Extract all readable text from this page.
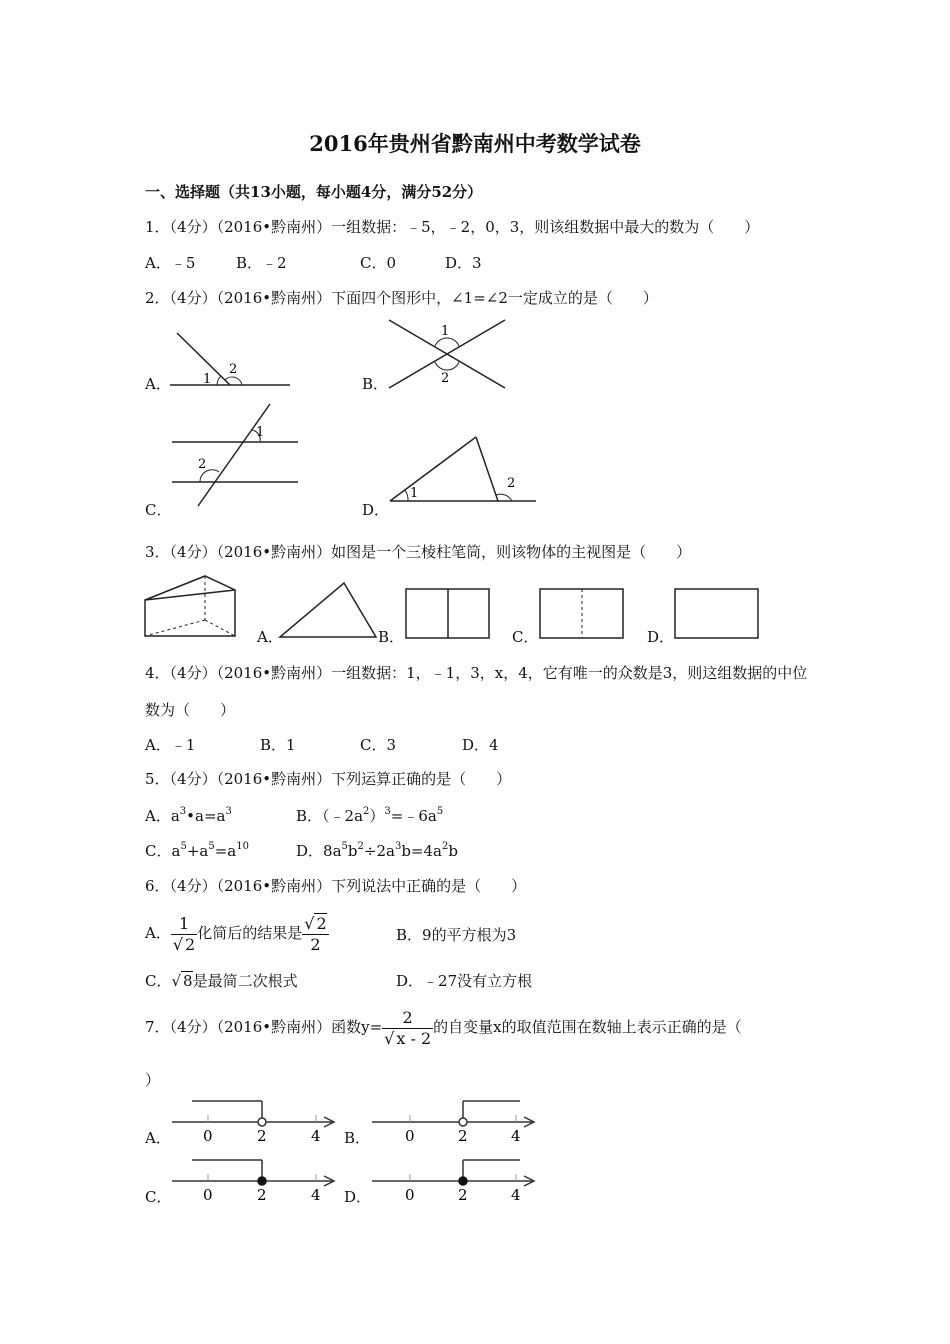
2016年贵州省黔南州中考数学试卷
一、选择题（共13小题，每小题4分，满分52分）
1．（4分）（2016•黔南州）一组数据：﹣5，﹣2，0，3，则该组数据中最大的数为（　　）
A．﹣5	B．﹣2	C．0	D．3
2．（4分）（2016•黔南州）下面四个图形中，∠1=∠2一定成立的是（　　）
A．	B．
C．	D．
1
2
1
2
1
2
1
2
3．（4分）（2016•黔南州）如图是一个三棱柱笔筒，则该物体的主视图是（　　）
A．	B．	C．	D．
4．（4分）（2016•黔南州）一组数据：1，﹣1，3，x，4，它有唯一的众数是3，则这组数据的中位
数为（　　）
A．﹣1	B．1	C．3	D．4
5．（4分）（2016•黔南州）下列运算正确的是（　　）
A．$a^3•a=a^3$	B．$(﹣2a^2)^3=﹣6a^5$
C．$a^5+a^5=a^{10}$	D．$8a^5b^2\div 2a^3b=4a^2b$
6．（4分）（2016•黔南州）下列说法中正确的是（　　）
A． $\frac{1}{√ 2}$ 化简后的结果是 $\frac{√ 2}{2}$	B．9的平方根为3
C．√ 8是最简二次根式	D．﹣27没有立方根
7．（4分）（2016•黔南州）函数$y= \frac{2}{√ x - 2}$ 的自变量x的取值范围在数轴上表示正确的是（
）
A．	B．
C．	D．
0	2	4	0	2	4
0	2	4	0	2	4
